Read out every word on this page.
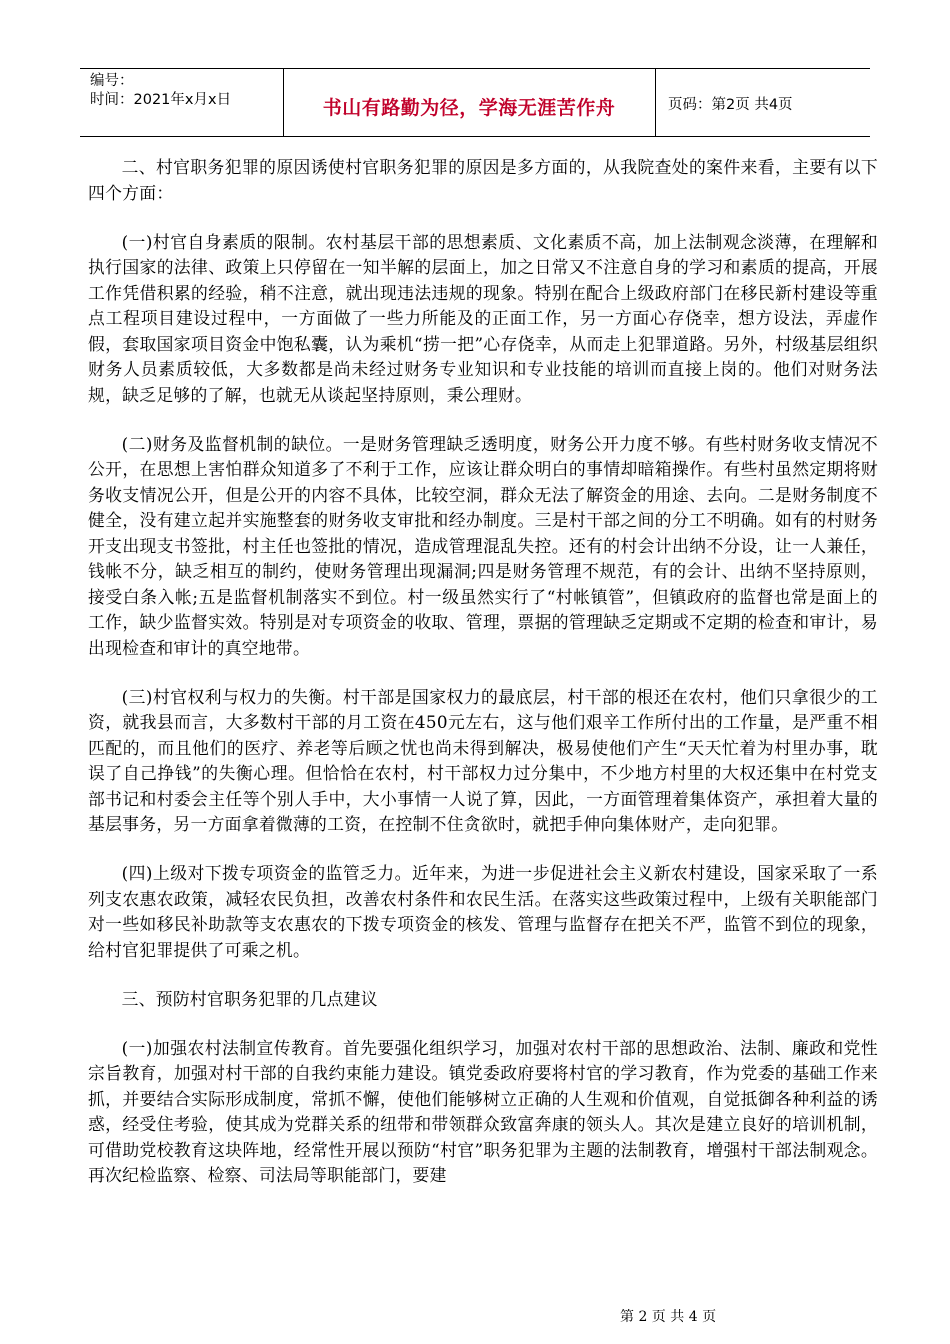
编号：
时间：2021年x月x日	书山有路勤为径，学海无涯苦作舟	页码：第2页 共4页

二、村官职务犯罪的原因诱使村官职务犯罪的原因是多方面的，从我院查处的案件来看，主要有以下四个方面：

(一)村官自身素质的限制。农村基层干部的思想素质、文化素质不高，加上法制观念淡薄，在理解和执行国家的法律、政策上只停留在一知半解的层面上，加之日常又不注意自身的学习和素质的提高，开展工作凭借积累的经验，稍不注意，就出现违法违规的现象。特别在配合上级政府部门在移民新村建设等重点工程项目建设过程中，一方面做了一些力所能及的正面工作，另一方面心存侥幸，想方设法，弄虚作假，套取国家项目资金中饱私囊，认为乘机“捞一把”心存侥幸，从而走上犯罪道路。另外，村级基层组织财务人员素质较低，大多数都是尚未经过财务专业知识和专业技能的培训而直接上岗的。他们对财务法规，缺乏足够的了解，也就无从谈起坚持原则，秉公理财。

(二)财务及监督机制的缺位。一是财务管理缺乏透明度，财务公开力度不够。有些村财务收支情况不公开，在思想上害怕群众知道多了不利于工作，应该让群众明白的事情却暗箱操作。有些村虽然定期将财务收支情况公开，但是公开的内容不具体，比较空洞，群众无法了解资金的用途、去向。二是财务制度不健全，没有建立起并实施整套的财务收支审批和经办制度。三是村干部之间的分工不明确。如有的村财务开支出现支书签批，村主任也签批的情况，造成管理混乱失控。还有的村会计出纳不分设，让一人兼任，钱帐不分，缺乏相互的制约，使财务管理出现漏洞;四是财务管理不规范，有的会计、出纳不坚持原则，接受白条入帐;五是监督机制落实不到位。村一级虽然实行了“村帐镇管”，但镇政府的监督也常是面上的工作，缺少监督实效。特别是对专项资金的收取、管理，票据的管理缺乏定期或不定期的检查和审计，易出现检查和审计的真空地带。

(三)村官权利与权力的失衡。村干部是国家权力的最底层，村干部的根还在农村，他们只拿很少的工资，就我县而言，大多数村干部的月工资在450元左右，这与他们艰辛工作所付出的工作量，是严重不相匹配的，而且他们的医疗、养老等后顾之忧也尚未得到解决，极易使他们产生“天天忙着为村里办事，耽误了自己挣钱”的失衡心理。但恰恰在农村，村干部权力过分集中，不少地方村里的大权还集中在村党支部书记和村委会主任等个别人手中，大小事情一人说了算，因此，一方面管理着集体资产，承担着大量的基层事务，另一方面拿着微薄的工资，在控制不住贪欲时，就把手伸向集体财产，走向犯罪。

(四)上级对下拨专项资金的监管乏力。近年来，为进一步促进社会主义新农村建设，国家采取了一系列支农惠农政策，减轻农民负担，改善农村条件和农民生活。在落实这些政策过程中，上级有关职能部门对一些如移民补助款等支农惠农的下拨专项资金的核发、管理与监督存在把关不严，监管不到位的现象，给村官犯罪提供了可乘之机。

三、预防村官职务犯罪的几点建议

(一)加强农村法制宣传教育。首先要强化组织学习，加强对农村干部的思想政治、法制、廉政和党性宗旨教育，加强对村干部的自我约束能力建设。镇党委政府要将村官的学习教育，作为党委的基础工作来抓，并要结合实际形成制度，常抓不懈，使他们能够树立正确的人生观和价值观，自觉抵御各种利益的诱惑，经受住考验，使其成为党群关系的纽带和带领群众致富奔康的领头人。其次是建立良好的培训机制，可借助党校教育这块阵地，经常性开展以预防“村官”职务犯罪为主题的法制教育，增强村干部法制观念。再次纪检监察、检察、司法局等职能部门，要建

第 2 页 共 4 页
